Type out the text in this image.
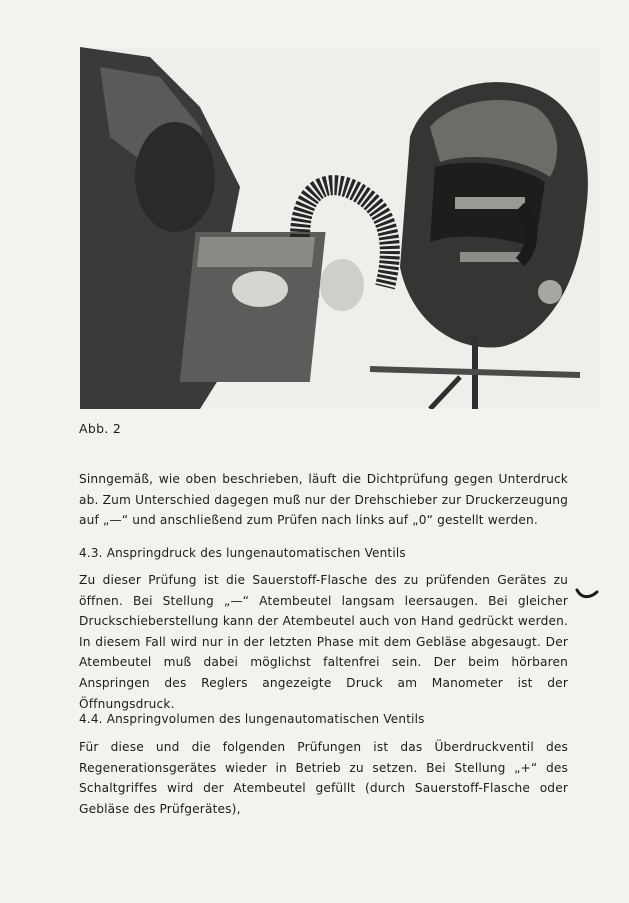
Abb. 2

Sinngemäß, wie oben beschrieben, läuft die Dichtprüfung gegen Unterdruck ab. Zum Unterschied dagegen muß nur der Drehschieber zur Druckerzeugung auf „—“ und anschließend zum Prüfen nach links auf „0“ gestellt werden.

4.3. Anspringdruck des lungenautomatischen Ventils

Zu dieser Prüfung ist die Sauerstoff-Flasche des zu prüfenden Gerätes zu öffnen. Bei Stellung „—“ Atembeutel langsam leersaugen. Bei gleicher Druckschieberstellung kann der Atembeutel auch von Hand gedrückt werden. In diesem Fall wird nur in der letzten Phase mit dem Gebläse abgesaugt. Der Atembeutel muß dabei möglichst faltenfrei sein. Der beim hörbaren Anspringen des Reglers angezeigte Druck am Manometer ist der Öffnungsdruck.

4.4. Anspringvolumen des lungenautomatischen Ventils

Für diese und die folgenden Prüfungen ist das Überdruckventil des Regenerationsgerätes wieder in Betrieb zu setzen. Bei Stellung „+“ des Schaltgriffes wird der Atembeutel gefüllt (durch Sauerstoff-Flasche oder Gebläse des Prüfgerätes),
